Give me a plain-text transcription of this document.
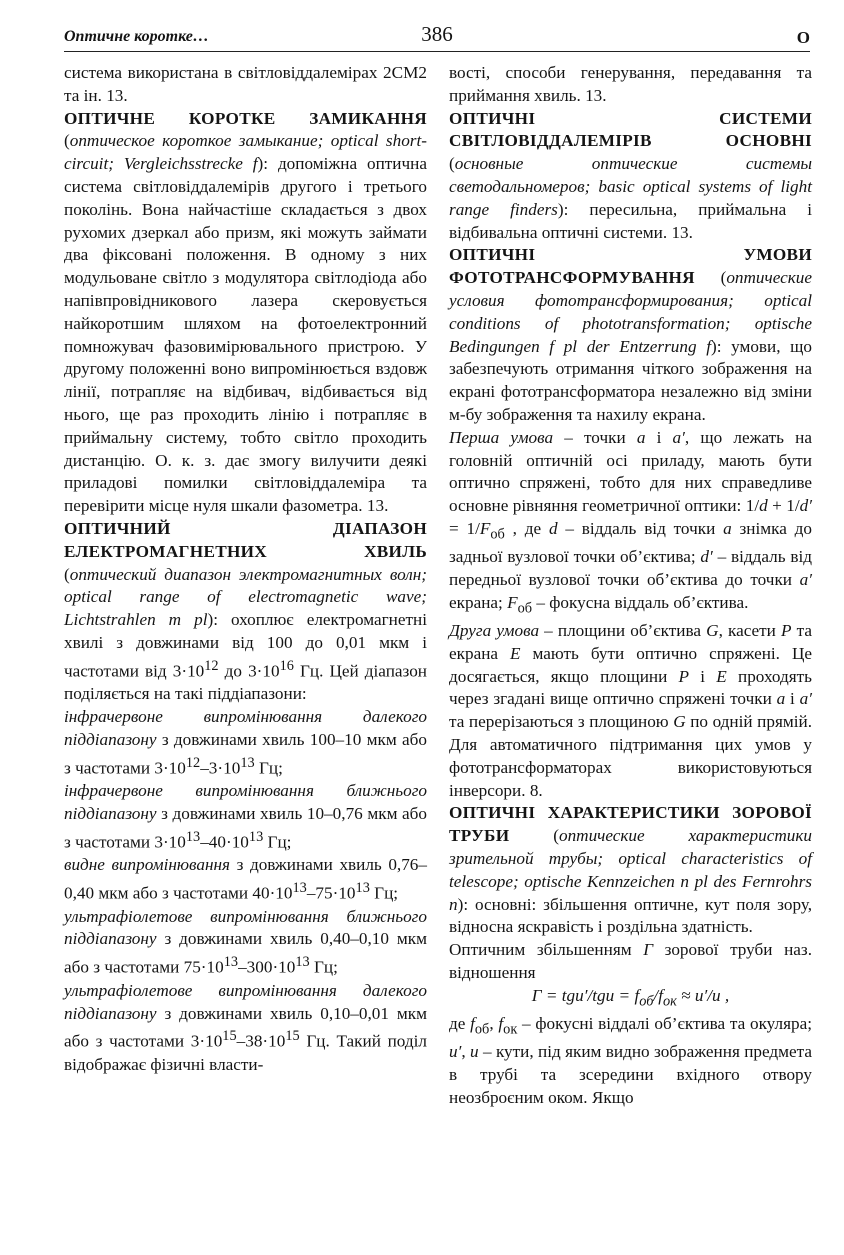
Оптичне коротке…	386	О

система використана в світловіддалемірах 2СМ2 та ін. 13.

ОПТИЧНЕ КОРОТКЕ ЗАМИКАННЯ (оптическое короткое замыкание; optical short-circuit; Vergleichsstrecke f): допоміжна оптична система світловіддалемірів другого і третього поколінь. Вона найчастіше складається з двох рухомих дзеркал або призм, які можуть займати два фіксовані положення. В одному з них модульоване світло з модулятора світлодіода або напівпровідникового лазера скеровується найкоротшим шляхом на фотоелектронний помножувач фазовимірювального пристрою. У другому положенні воно випромінюється вздовж лінії, потрапляє на відбивач, відбивається від нього, ще раз проходить лінію і потрапляє в приймальну систему, тобто світло проходить дистанцію. О. к. з. дає змогу вилучити деякі приладові помилки світловіддалеміра та перевірити місце нуля шкали фазометра. 13.

ОПТИЧНИЙ ДІАПАЗОН ЕЛЕКТРОМАГНЕТНИХ ХВИЛЬ (оптический диапазон электромагнитных волн; optical range of electromagnetic wave; Lichtstrahlen m pl): охоплює електромагнетні хвилі з довжинами від 100 до 0,01 мкм і частотами від $3\cdot 10^{12}$ до $3\cdot 10^{16}$ Гц. Цей діапазон поділяється на такі піддіапазони:

інфрачервоне випромінювання далекого піддіапазону з довжинами хвиль 100–10 мкм або з частотами $3\cdot 10^{12}-3\cdot 10^{13}$ Гц;

інфрачервоне випромінювання ближнього піддіапазону з довжинами хвиль 10–0,76 мкм або з частотами $3\cdot 10^{13}-40\cdot 10^{13}$ Гц;

видне випромінювання з довжинами хвиль 0,76–0,40 мкм або з частотами $40\cdot 10^{13}-75\cdot 10^{13}$ Гц;

ультрафіолетове випромінювання ближнього піддіапазону з довжинами хвиль 0,40–0,10 мкм або з частотами $75\cdot 10^{13}-300\cdot 10^{13}$ Гц;

ультрафіолетове випромінювання далекого піддіапазону з довжинами хвиль 0,10–0,01 мкм або з частотами $3\cdot 10^{15}-38\cdot 10^{15}$ Гц. Такий поділ відображає фізичні власти-

вості, способи генерування, передавання та приймання хвиль. 13.

ОПТИЧНІ СИСТЕМИ СВІТЛОВІДДАЛЕМІРІВ ОСНОВНІ (основные оптические системы светодальномеров; basic optical systems of light range finders): пересильна, приймальна і відбивальна оптичні системи. 13.

ОПТИЧНІ УМОВИ ФОТОТРАНСФОРМУВАННЯ (оптические условия фототрансформирования; optical conditions of phototransformation; optische Bedingungen f pl der Entzerrung f): умови, що забезпечують отримання чіткого зображення на екрані фототрансформатора незалежно від зміни м-бу зображення та нахилу екрана.

Перша умова – точки a і a′, що лежать на головній оптичній осі приладу, мають бути оптично спряжені, тобто для них справедливе основне рівняння геометричної оптики: $1/d + 1/d' = 1/F_{об}$ , де d – віддаль від точки a знімка до задньої вузлової точки об’єктива; d′ – віддаль від передньої вузлової точки об’єктива до точки a′ екрана; $F_{об}$ – фокусна віддаль об’єктива.

Друга умова – площини об’єктива G, касети P та екрана E мають бути оптично спряжені. Це досягається, якщо площини P і E проходять через згадані вище оптично спряжені точки a і a′ та перерізаються з площиною G по одній прямій. Для автоматичного підтримання цих умов у фототрансформаторах використовуються інверсори. 8.

ОПТИЧНІ ХАРАКТЕРИСТИКИ ЗОРОВОЇ ТРУБИ (оптические характеристики зрительной трубы; optical characteristics of telescope; optische Kennzeichen n pl des Fernrohrs n): основні: збільшення оптичне, кут поля зору, відносна яскравість і роздільна здатність.

Оптичним збільшенням Г зорової труби наз. відношення

$Г = tgu'/tgu = f_{об}/f_{ок} \approx u'/u$ ,

де $f_{об}$, $f_{ок}$ – фокусні віддалі об’єктива та окуляра; u′, u – кути, під яким видно зображення предмета в трубі та зсередини вхідного отвору неозброєним оком. Якщо
